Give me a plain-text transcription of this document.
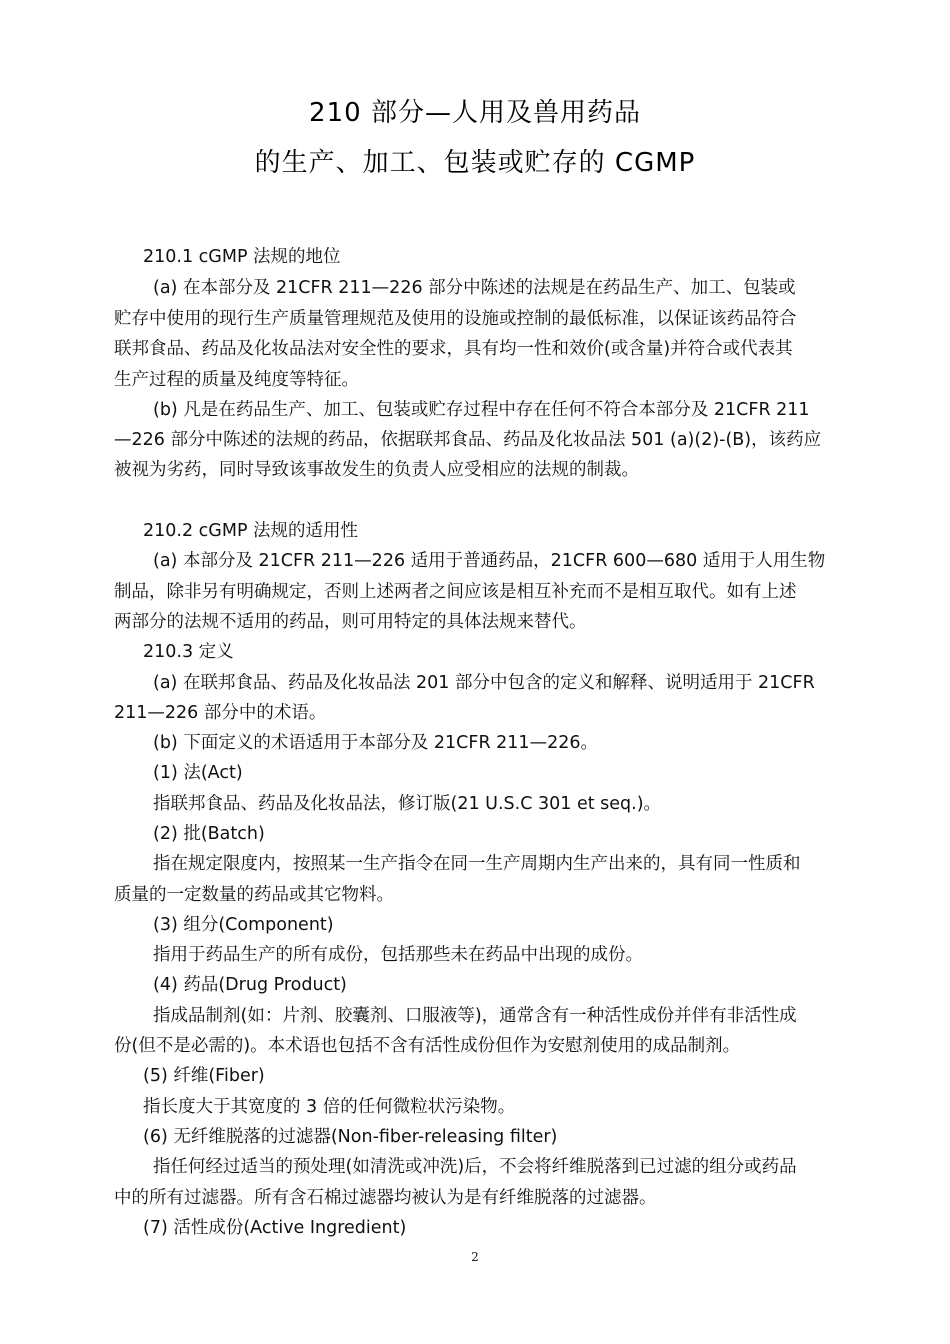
210 部分—人用及兽用药品
的生产、加工、包装或贮存的 CGMP
210.1 cGMP 法规的地位
(a) 在本部分及 21CFR 211—226 部分中陈述的法规是在药品生产、加工、包装或
贮存中使用的现行生产质量管理规范及使用的设施或控制的最低标准，以保证该药品符合
联邦食品、药品及化妆品法对安全性的要求，具有均一性和效价(或含量)并符合或代表其
生产过程的质量及纯度等特征。
(b) 凡是在药品生产、加工、包装或贮存过程中存在任何不符合本部分及 21CFR 211
—226 部分中陈述的法规的药品，依据联邦食品、药品及化妆品法 501 (a)(2)-(B)，该药应
被视为劣药，同时导致该事故发生的负责人应受相应的法规的制裁。
210.2 cGMP 法规的适用性
(a) 本部分及 21CFR 211—226 适用于普通药品，21CFR 600—680 适用于人用生物
制品，除非另有明确规定，否则上述两者之间应该是相互补充而不是相互取代。如有上述
两部分的法规不适用的药品，则可用特定的具体法规来替代。
210.3 定义
(a) 在联邦食品、药品及化妆品法 201 部分中包含的定义和解释、说明适用于 21CFR
211—226 部分中的术语。
(b) 下面定义的术语适用于本部分及 21CFR 211—226。
(1) 法(Act)
指联邦食品、药品及化妆品法，修订版(21 U.S.C 301 et seq.)。
(2) 批(Batch)
指在规定限度内，按照某一生产指令在同一生产周期内生产出来的，具有同一性质和
质量的一定数量的药品或其它物料。
(3) 组分(Component)
指用于药品生产的所有成份，包括那些未在药品中出现的成份。
(4) 药品(Drug Product)
指成品制剂(如：片剂、胶囊剂、口服液等)，通常含有一种活性成份并伴有非活性成
份(但不是必需的)。本术语也包括不含有活性成份但作为安慰剂使用的成品制剂。
(5) 纤维(Fiber)
指长度大于其宽度的 3 倍的任何微粒状污染物。
(6) 无纤维脱落的过滤器(Non-fiber-releasing filter)
指任何经过适当的预处理(如清洗或冲洗)后，不会将纤维脱落到已过滤的组分或药品
中的所有过滤器。所有含石棉过滤器均被认为是有纤维脱落的过滤器。
(7) 活性成份(Active Ingredient)
2
